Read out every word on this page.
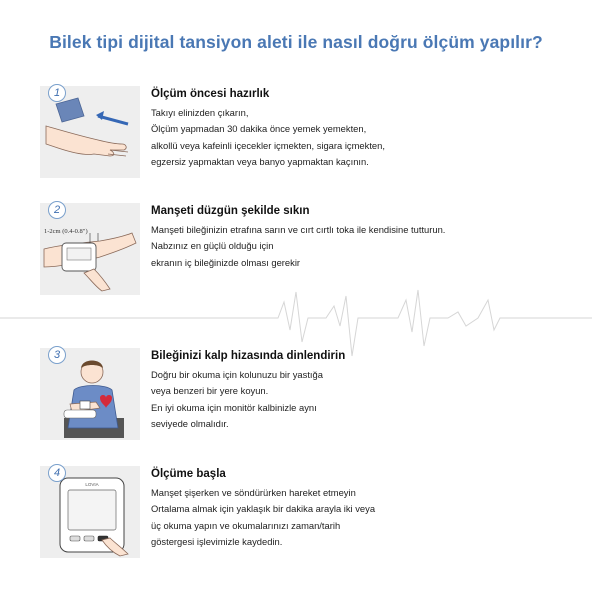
Bilek tipi dijital tansiyon aleti ile nasıl doğru ölçüm yapılır?
1	Ölçüm öncesi hazırlık
Takıyı elinizden çıkarın,
Ölçüm yapmadan 30 dakika önce yemek yemekten,
alkollü veya kafeinli içecekler içmekten, sigara içmekten,
egzersiz yapmaktan veya banyo yapmaktan kaçının.
1-2cm (0.4-0.8")
2	Manşeti düzgün şekilde sıkın
Manşeti bileğinizin etrafına sarın ve cırt cırtlı toka ile kendisine tutturun.
Nabzınız en güçlü olduğu için
ekranın iç bileğinizde olması gerekir
3	Bileğinizi kalp hizasında dinlendirin
Doğru bir okuma için kolunuzu bir yastığa
veya benzeri bir yere koyun.
En iyi okuma için monitör kalbinizle aynı
seviyede olmalıdır.
LOVIA
4	Ölçüme başla
Manşet şişerken ve söndürürken hareket etmeyin
Ortalama almak için yaklaşık bir dakika arayla iki veya
üç okuma yapın ve okumalarınızı zaman/tarih
göstergesi işlevimizle kaydedin.
